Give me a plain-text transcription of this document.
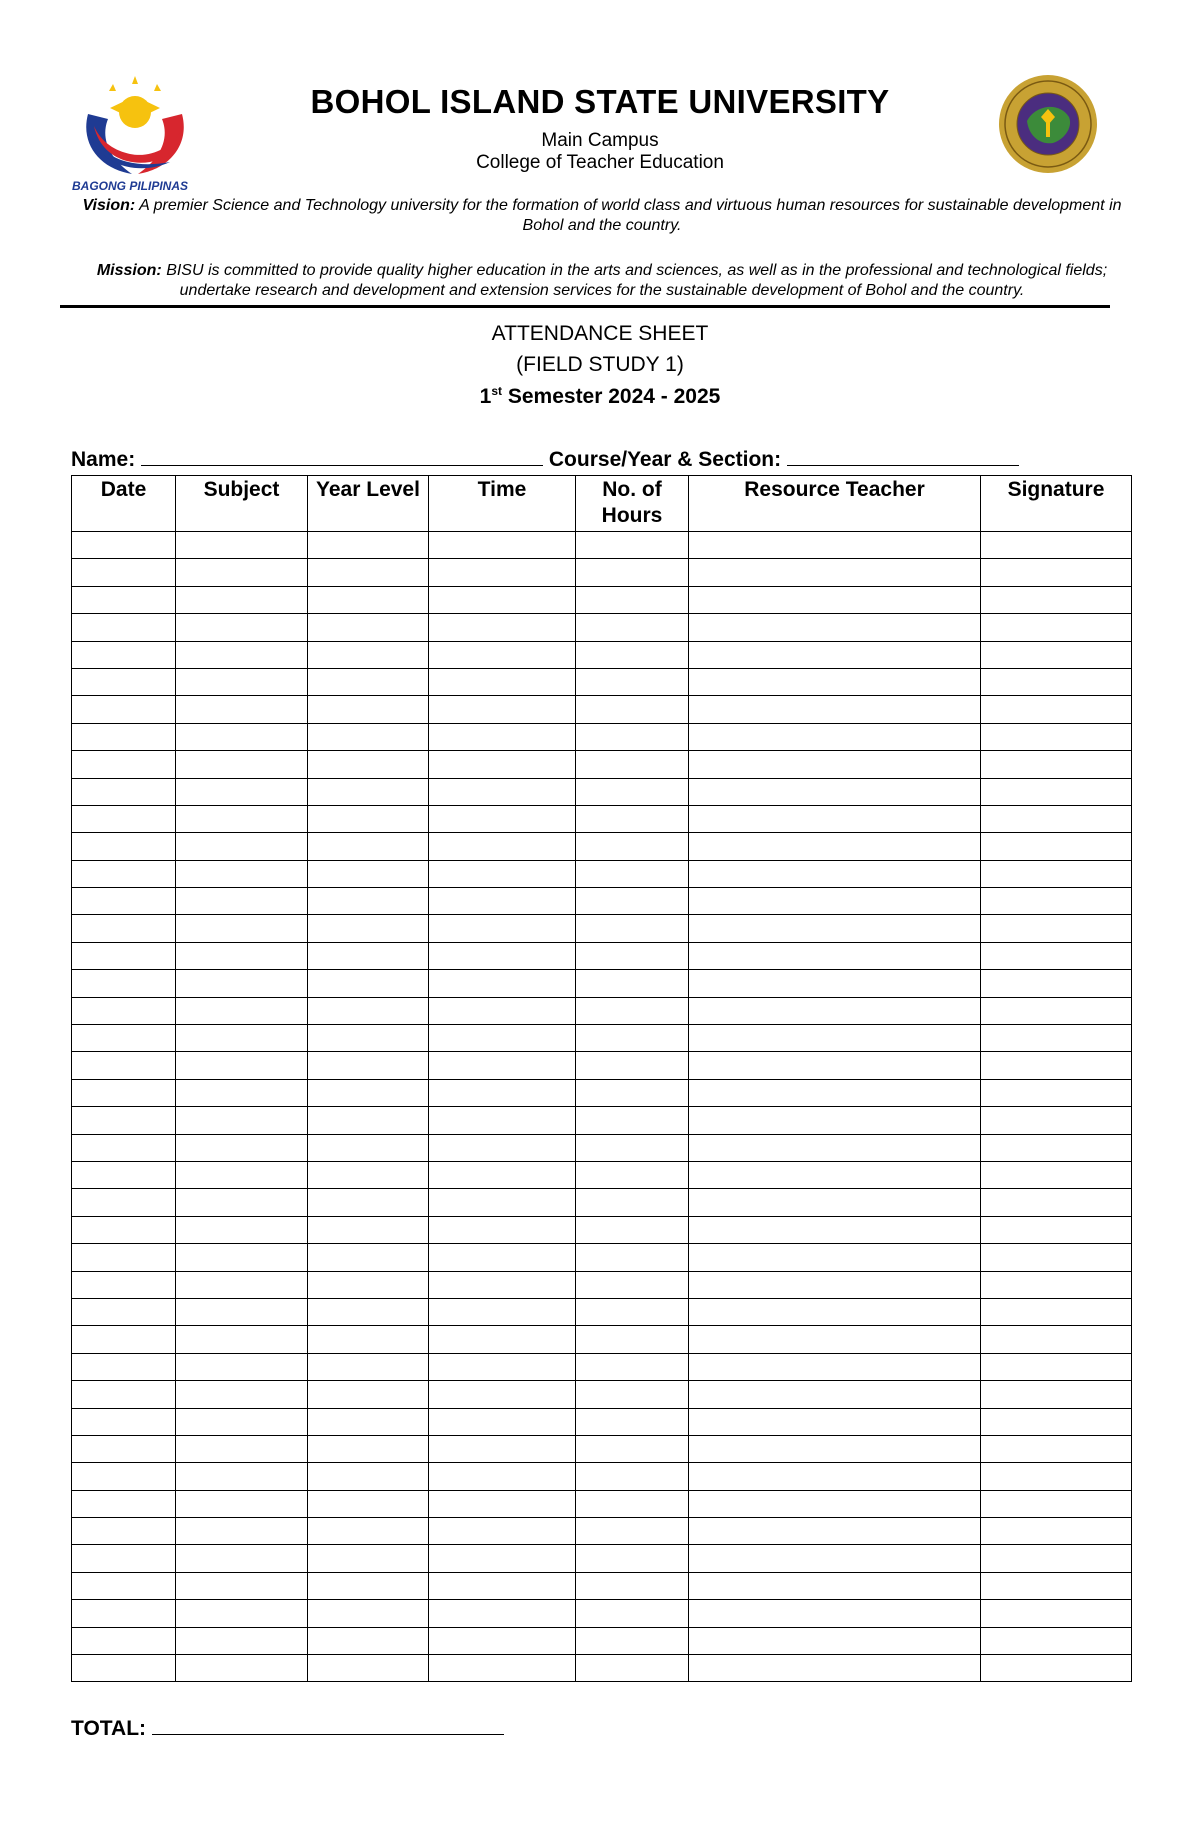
BAGONG PILIPINAS
BOHOL ISLAND STATE UNIVERSITY
Main Campus
College of Teacher Education
Vision: A premier Science and Technology university for the formation of world class and virtuous human resources for sustainable development in Bohol and the country.
Mission: BISU is committed to provide quality higher education in the arts and sciences, as well as in the professional and technological fields; undertake research and development and extension services for the sustainable development of Bohol and the country.
ATTENDANCE SHEET
(FIELD STUDY 1)
1st Semester 2024 - 2025
Name:	Course/Year & Section:
Date	Subject	Year Level	Time	No. of Hours	Resource Teacher	Signature

TOTAL:
